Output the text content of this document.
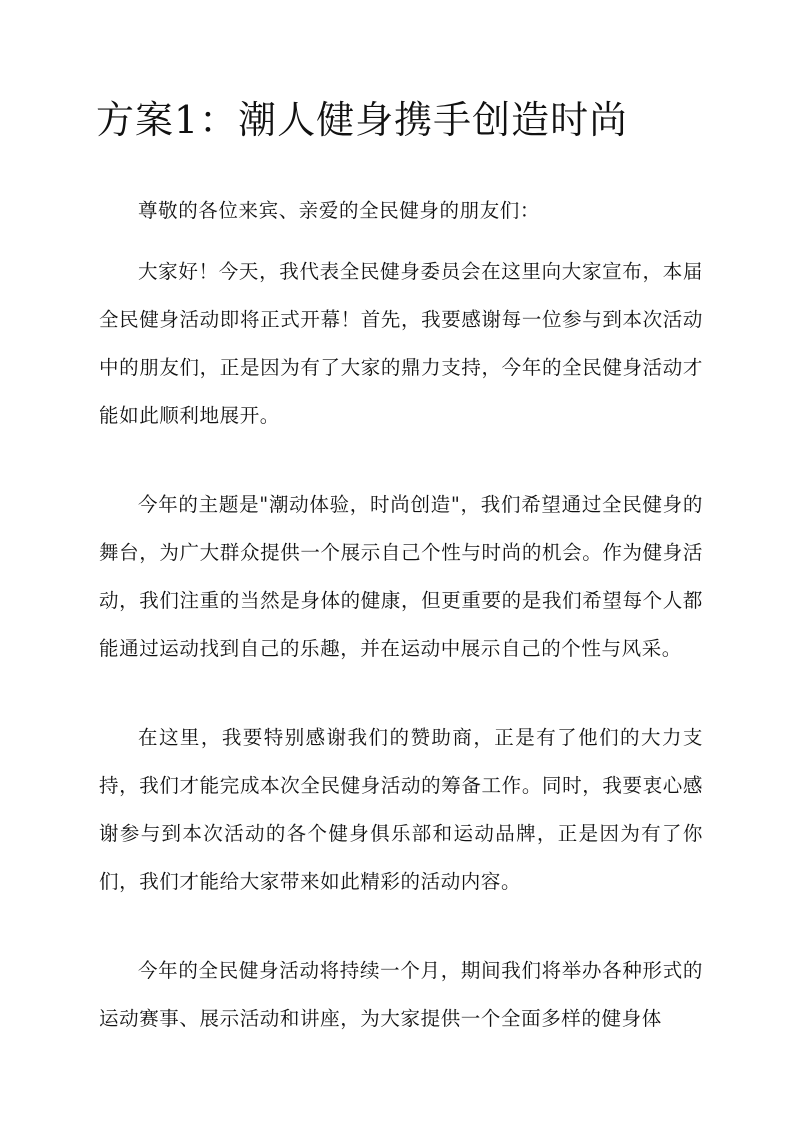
方案1：潮人健身携手创造时尚

尊敬的各位来宾、亲爱的全民健身的朋友们：

大家好！今天，我代表全民健身委员会在这里向大家宣布，本届全民健身活动即将正式开幕！首先，我要感谢每一位参与到本次活动中的朋友们，正是因为有了大家的鼎力支持，今年的全民健身活动才能如此顺利地展开。

今年的主题是"潮动体验，时尚创造"，我们希望通过全民健身的舞台，为广大群众提供一个展示自己个性与时尚的机会。作为健身活动，我们注重的当然是身体的健康，但更重要的是我们希望每个人都能通过运动找到自己的乐趣，并在运动中展示自己的个性与风采。

在这里，我要特别感谢我们的赞助商，正是有了他们的大力支持，我们才能完成本次全民健身活动的筹备工作。同时，我要衷心感谢参与到本次活动的各个健身俱乐部和运动品牌，正是因为有了你们，我们才能给大家带来如此精彩的活动内容。

今年的全民健身活动将持续一个月，期间我们将举办各种形式的运动赛事、展示活动和讲座，为大家提供一个全面多样的健身体
